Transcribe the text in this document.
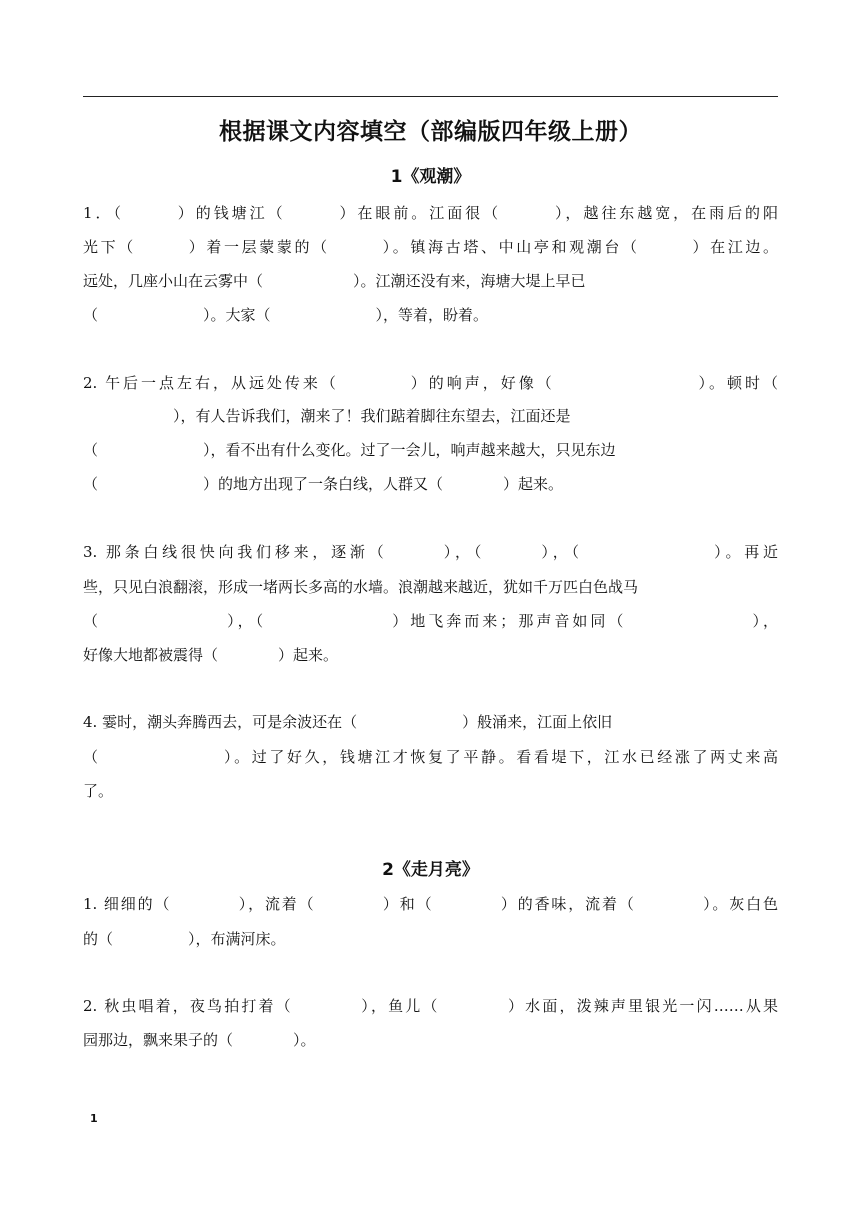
根据课文内容填空（部编版四年级上册）
1《观潮》
1．（　　　）的钱塘江（　　　）在眼前。江面很（　　　），越往东越宽，在雨后的阳
光下（　　　）着一层蒙蒙的（　　　）。镇海古塔、中山亭和观潮台（　　　）在江边。
远处，几座小山在云雾中（　　　　　　）。江潮还没有来，海塘大堤上早已
（　　　　　　　）。大家（　　　　　　　），等着，盼着。
2. 午后一点左右，从远处传来（　　　　）的响声，好像（　　　　　　　　）。顿时（
　　　　　　），有人告诉我们，潮来了！我们踮着脚往东望去，江面还是
（　　　　　　　），看不出有什么变化。过了一会儿，响声越来越大，只见东边
（　　　　　　　）的地方出现了一条白线，人群又（　　　　）起来。
3. 那条白线很快向我们移来，逐渐（　　　），（　　　），（　　　　　　　）。再近
些，只见白浪翻滚，形成一堵两长多高的水墙。浪潮越来越近，犹如千万匹白色战马
（　　　　　　　），（　　　　　　　）地飞奔而来；那声音如同（　　　　　　　），
好像大地都被震得（　　　　）起来。
4. 霎时，潮头奔腾西去，可是余波还在（　　　　　　　）般涌来，江面上依旧
（　　　　　　　）。过了好久，钱塘江才恢复了平静。看看堤下，江水已经涨了两丈来高
了。
2《走月亮》
1. 细细的（　　　　），流着（　　　　）和（　　　　）的香味，流着（　　　　）。灰白色
的（　　　　　），布满河床。
2. 秋虫唱着，夜鸟拍打着（　　　　），鱼儿（　　　　）水面，泼辣声里银光一闪……从果
园那边，飘来果子的（　　　　）。
1
